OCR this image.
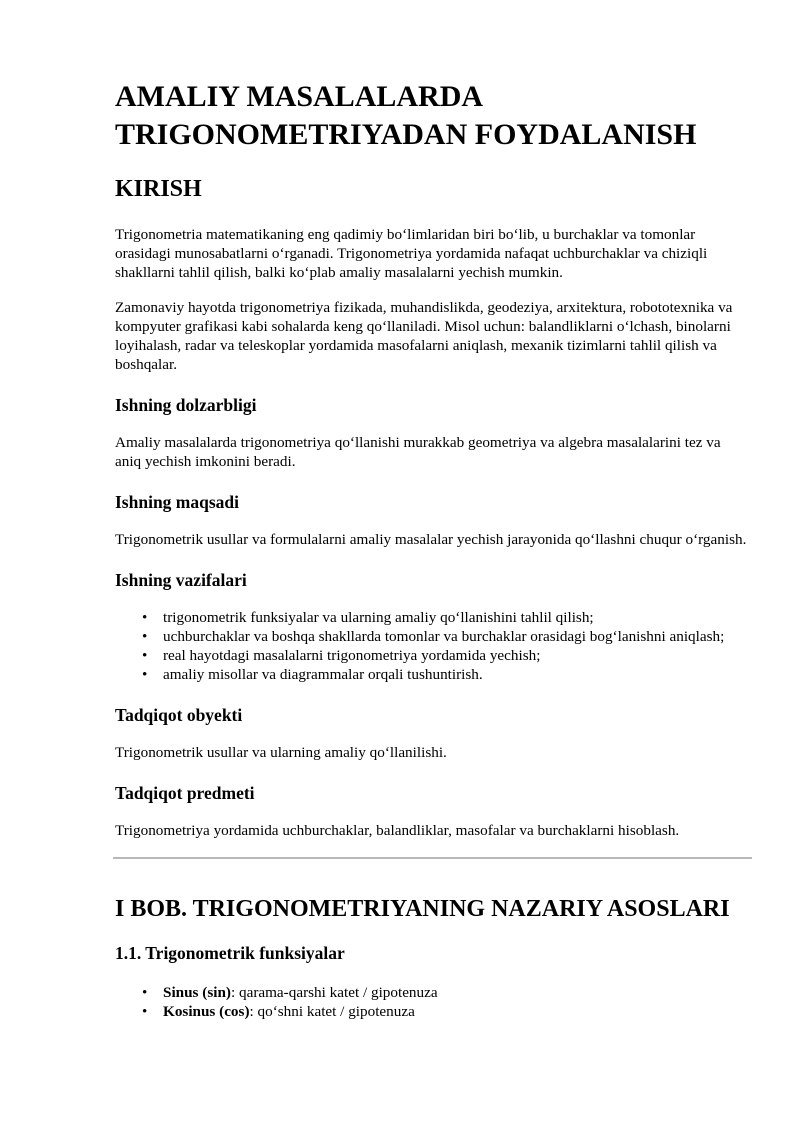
AMALIY MASALALARDA TRIGONOMETRIYADAN FOYDALANISH
KIRISH

Trigonometria matematikaning eng qadimiy bo‘limlaridan biri bo‘lib, u burchaklar va tomonlar orasidagi munosabatlarni o‘rganadi. Trigonometriya yordamida nafaqat uchburchaklar va chiziqli shakllarni tahlil qilish, balki ko‘plab amaliy masalalarni yechish mumkin.

Zamonaviy hayotda trigonometriya fizikada, muhandislikda, geodeziya, arxitektura, robototexnika va kompyuter grafikasi kabi sohalarda keng qo‘llaniladi. Misol uchun: balandliklarni o‘lchash, binolarni loyihalash, radar va teleskoplar yordamida masofalarni aniqlash, mexanik tizimlarni tahlil qilish va boshqalar.

Ishning dolzarbligi

Amaliy masalalarda trigonometriya qo‘llanishi murakkab geometriya va algebra masalalarini tez va aniq yechish imkonini beradi.

Ishning maqsadi

Trigonometrik usullar va formulalarni amaliy masalalar yechish jarayonida qo‘llashni chuqur o‘rganish.

Ishning vazifalari
• trigonometrik funksiyalar va ularning amaliy qo‘llanishini tahlil qilish;
• uchburchaklar va boshqa shakllarda tomonlar va burchaklar orasidagi bog‘lanishni aniqlash;
• real hayotdagi masalalarni trigonometriya yordamida yechish;
• amaliy misollar va diagrammalar orqali tushuntirish.
Tadqiqot obyekti

Trigonometrik usullar va ularning amaliy qo‘llanilishi.

Tadqiqot predmeti

Trigonometriya yordamida uchburchaklar, balandliklar, masofalar va burchaklarni hisoblash.

I BOB. TRIGONOMETRIYANING NAZARIY ASOSLARI
1.1. Trigonometrik funksiyalar
• Sinus (sin): qarama-qarshi katet / gipotenuza
• Kosinus (cos): qo‘shni katet / gipotenuza
